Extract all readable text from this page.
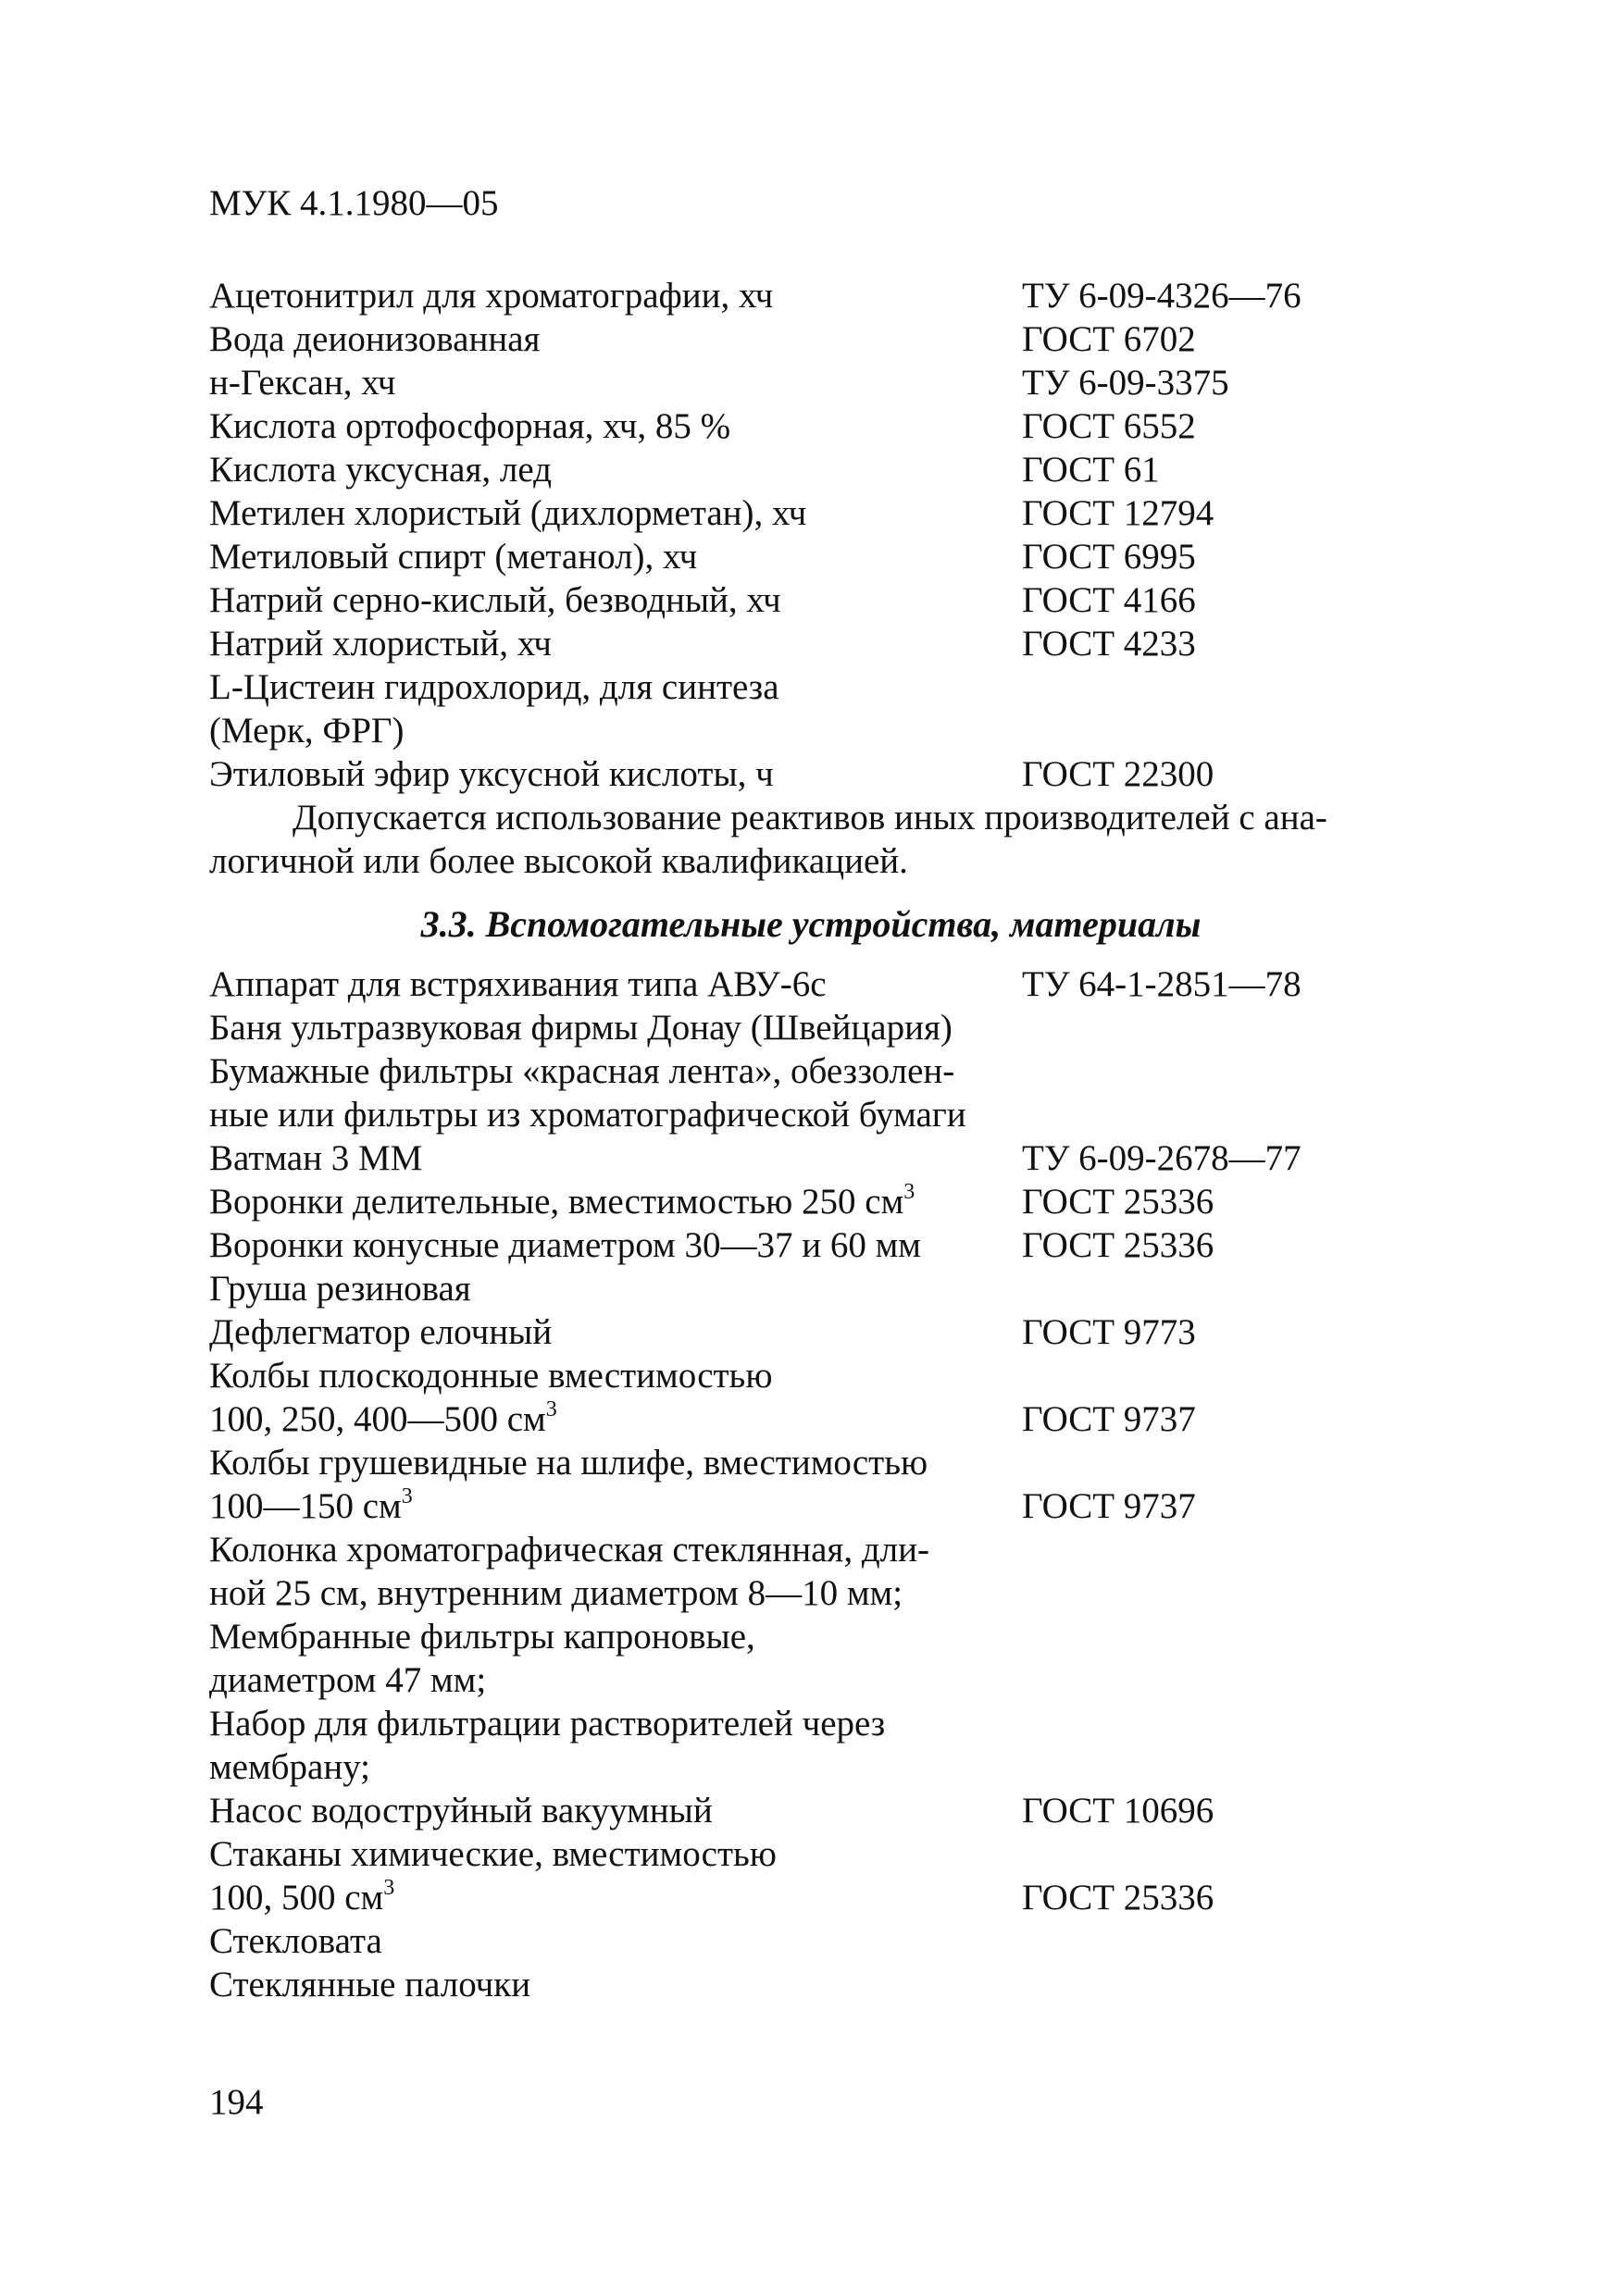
МУК 4.1.1980—05
Ацетонитрил для хроматографии, хч	ТУ 6-09-4326—76
Вода деионизованная	ГОСТ 6702
н-Гексан, хч	ТУ 6-09-3375
Кислота ортофосфорная, хч, 85 %	ГОСТ 6552
Кислота уксусная, лед	ГОСТ 61
Метилен хлористый (дихлорметан), хч	ГОСТ 12794
Метиловый спирт (метанол), хч	ГОСТ 6995
Натрий серно-кислый, безводный, хч	ГОСТ 4166
Натрий хлористый, хч	ГОСТ 4233
L-Цистеин гидрохлорид, для синтеза
(Мерк, ФРГ)
Этиловый эфир уксусной кислоты, ч	ГОСТ 22300
Допускается использование реактивов иных производителей с ана-
логичной или более высокой квалификацией.
3.3. Вспомогательные устройства, материалы
Аппарат для встряхивания типа АВУ-6с	ТУ 64-1-2851—78
Баня ультразвуковая фирмы Донау (Швейцария)
Бумажные фильтры «красная лента», обеззолен-
ные или фильтры из хроматографической бумаги
Ватман 3 ММ	ТУ 6-09-2678—77
Воронки делительные, вместимостью 250 $см^3$	ГОСТ 25336
Воронки конусные диаметром 30—37 и 60 мм	ГОСТ 25336
Груша резиновая
Дефлегматор елочный	ГОСТ 9773
Колбы плоскодонные вместимостью
100, 250, 400—500 $см^3$	ГОСТ 9737
Колбы грушевидные на шлифе, вместимостью
100—150 $см^3$	ГОСТ 9737
Колонка хроматографическая стеклянная, дли-
ной 25 см, внутренним диаметром 8—10 мм;
Мембранные фильтры капроновые,
диаметром 47 мм;
Набор для фильтрации растворителей через
мембрану;
Насос водоструйный вакуумный	ГОСТ 10696
Стаканы химические, вместимостью
100, 500 $см^3$	ГОСТ 25336
Стекловата
Стеклянные палочки
194
